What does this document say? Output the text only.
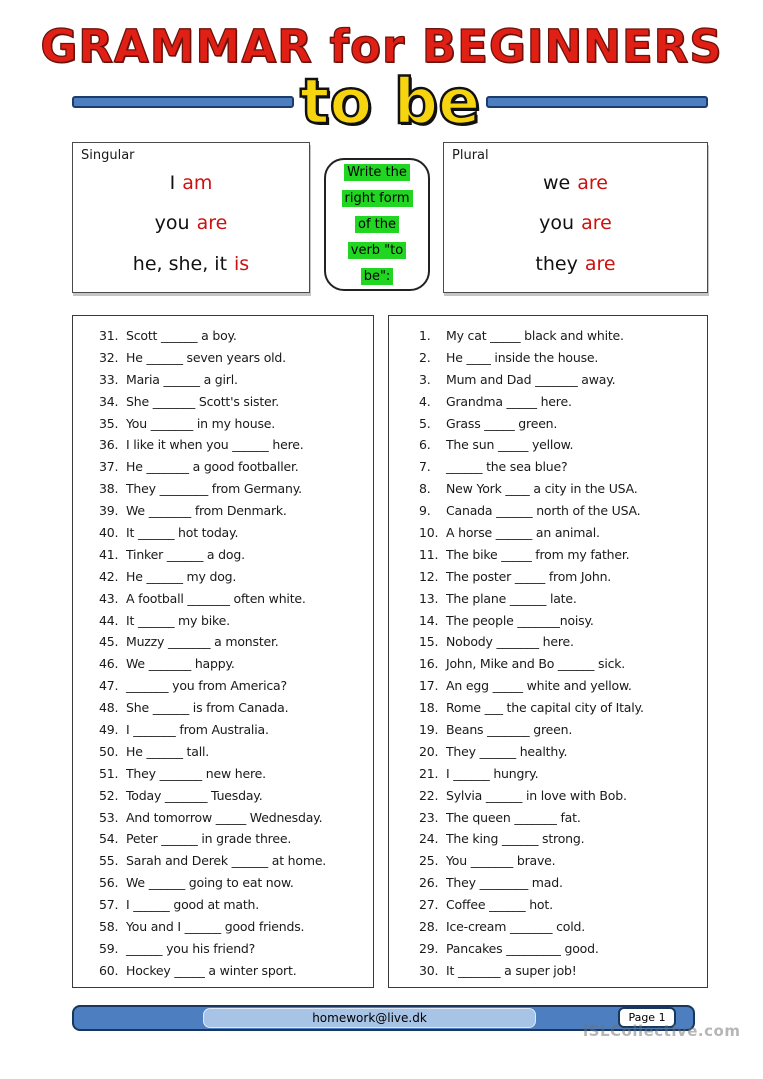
GRAMMAR for BEGINNERS
to be
Singular
I am
you are
he, she, it is
Write the
right form
of the
verb "to
be":
Plural
we are
you are
they are
31. Scott ______ a boy.
32. He ______ seven years old.
33. Maria ______ a girl.
34. She _______ Scott's sister.
35. You _______ in my house.
36. I like it when you ______ here.
37. He _______ a good footballer.
38. They ________ from Germany.
39. We _______ from Denmark.
40. It ______ hot today.
41. Tinker ______ a dog.
42. He ______ my dog.
43. A football _______ often white.
44. It ______ my bike.
45. Muzzy _______ a monster.
46. We _______ happy.
47. _______ you from America?
48. She ______ is from Canada.
49. I _______ from Australia.
50. He ______ tall.
51. They _______ new here.
52. Today _______ Tuesday.
53. And tomorrow _____ Wednesday.
54. Peter ______ in grade three.
55. Sarah and Derek ______ at home.
56. We ______ going to eat now.
57. I ______ good at math.
58. You and I ______ good friends.
59. ______ you his friend?
60. Hockey _____ a winter sport.
1. My cat _____ black and white.
2. He ____ inside the house.
3. Mum and Dad _______ away.
4. Grandma _____ here.
5. Grass _____ green.
6. The sun _____ yellow.
7. ______ the sea blue?
8. New York ____ a city in the USA.
9. Canada ______ north of the USA.
10. A horse ______ an animal.
11. The bike _____ from my father.
12. The poster _____ from John.
13. The plane ______ late.
14. The people _______noisy.
15. Nobody _______ here.
16. John, Mike and Bo ______ sick.
17. An egg _____ white and yellow.
18. Rome ___ the capital city of Italy.
19. Beans _______ green.
20. They ______ healthy.
21. I ______ hungry.
22. Sylvia ______ in love with Bob.
23. The queen _______ fat.
24. The king ______ strong.
25. You _______ brave.
26. They ________ mad.
27. Coffee ______ hot.
28. Ice-cream _______ cold.
29. Pancakes _________ good.
30. It _______ a super job!
homework@live.dk	Page 1
iSLCollective.com
